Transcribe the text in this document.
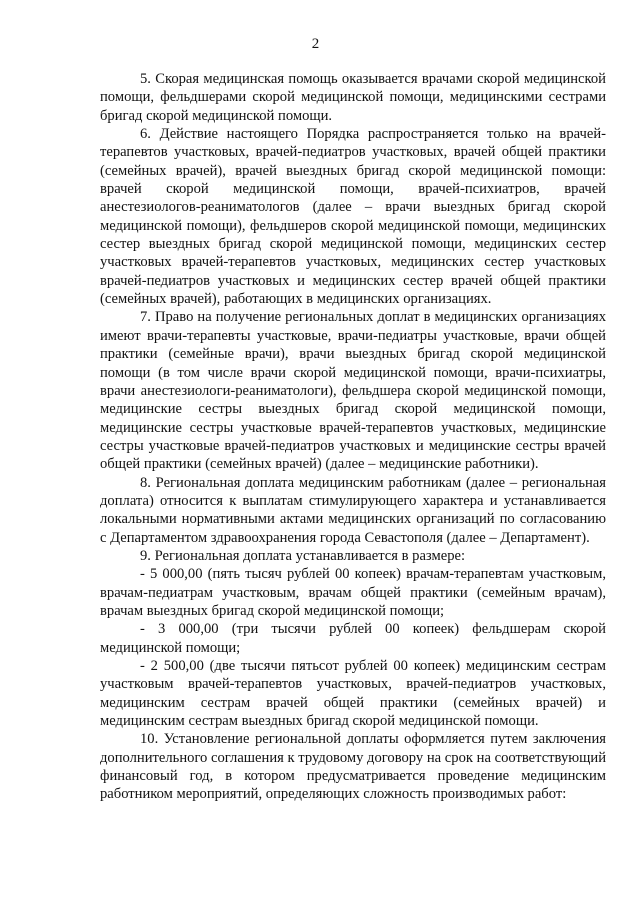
2

5. Скорая медицинская помощь оказывается врачами скорой медицинской помощи, фельдшерами скорой медицинской помощи, медицинскими сестрами бригад скорой медицинской помощи.

6. Действие настоящего Порядка распространяется только на врачей-терапевтов участковых, врачей-педиатров участковых, врачей общей практики (семейных врачей), врачей выездных бригад скорой медицинской помощи: врачей скорой медицинской помощи, врачей-психиатров, врачей анестезиологов-реаниматологов (далее – врачи выездных бригад скорой медицинской помощи), фельдшеров скорой медицинской помощи, медицинских сестер выездных бригад скорой медицинской помощи, медицинских сестер участковых врачей-терапевтов участковых, медицинских сестер участковых врачей-педиатров участковых и медицинских сестер врачей общей практики (семейных врачей), работающих в медицинских организациях.

7. Право на получение региональных доплат в медицинских организациях имеют врачи-терапевты участковые, врачи-педиатры участковые, врачи общей практики (семейные врачи), врачи выездных бригад скорой медицинской помощи (в том числе врачи скорой медицинской помощи, врачи-психиатры, врачи анестезиологи-реаниматологи), фельдшера скорой медицинской помощи, медицинские сестры выездных бригад скорой медицинской помощи, медицинские сестры участковые врачей-терапевтов участковых, медицинские сестры участковые врачей-педиатров участковых и медицинские сестры врачей общей практики (семейных врачей) (далее – медицинские работники).

8. Региональная доплата медицинским работникам (далее – региональная доплата) относится к выплатам стимулирующего характера и устанавливается локальными нормативными актами медицинских организаций по согласованию с Департаментом здравоохранения города Севастополя (далее – Департамент).

9. Региональная доплата устанавливается в размере:

- 5 000,00 (пять тысяч рублей 00 копеек) врачам-терапевтам участковым, врачам-педиатрам участковым, врачам общей практики (семейным врачам), врачам выездных бригад скорой медицинской помощи;

- 3 000,00 (три тысячи рублей 00 копеек) фельдшерам скорой медицинской помощи;

- 2 500,00 (две тысячи пятьсот рублей 00 копеек) медицинским сестрам участковым врачей-терапевтов участковых, врачей-педиатров участковых, медицинским сестрам врачей общей практики (семейных врачей) и медицинским сестрам выездных бригад скорой медицинской помощи.

10. Установление региональной доплаты оформляется путем заключения дополнительного соглашения к трудовому договору на срок на соответствующий финансовый год, в котором предусматривается проведение медицинским работником мероприятий, определяющих сложность производимых работ:
